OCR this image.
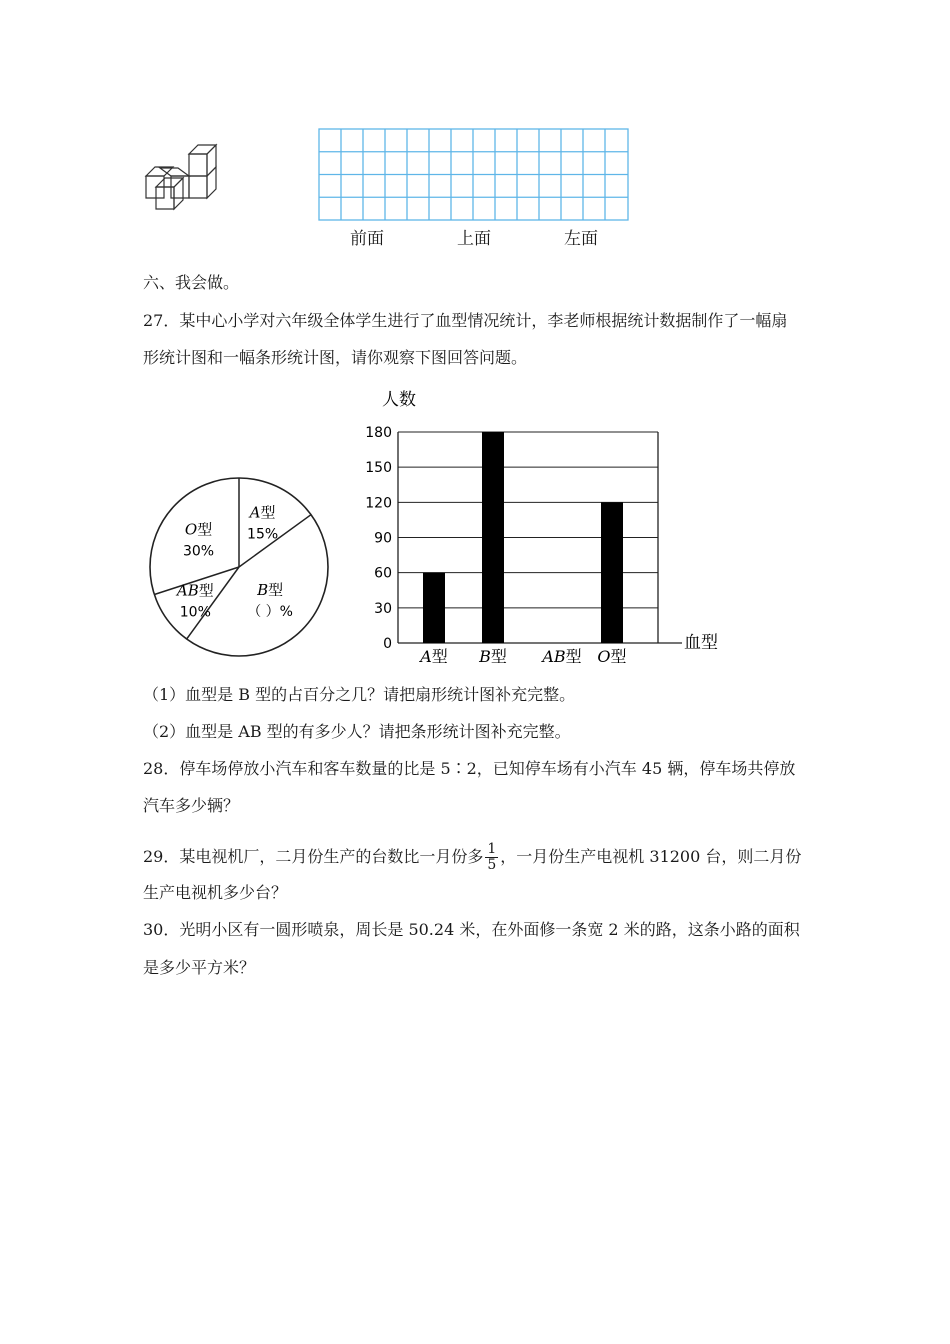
前面	上面	左面
六、我会做。
27．某中心小学对六年级全体学生进行了血型情况统计，李老师根据统计数据制作了一幅扇
形统计图和一幅条形统计图，请你观察下图回答问题。
A型
15%
B型
（ ）%
AB型
10%
O型
30%
人数
0
30
60
90
120
150
180
血型
A型 B型 AB型 O型
（1）血型是 B 型的占百分之几？请把扇形统计图补充完整。
（2）血型是 AB 型的有多少人？请把条形统计图补充完整。
28．停车场停放小汽车和客车数量的比是 5∶2，已知停车场有小汽车 45 辆，停车场共停放
汽车多少辆？
29．某电视机厂，二月份生产的台数比一月份多 $\frac{1}{5}$ ，一月份生产电视机 31200 台，则二月份
生产电视机多少台？
30．光明小区有一圆形喷泉，周长是 50.24 米，在外面修一条宽 2 米的路，这条小路的面积
是多少平方米？
